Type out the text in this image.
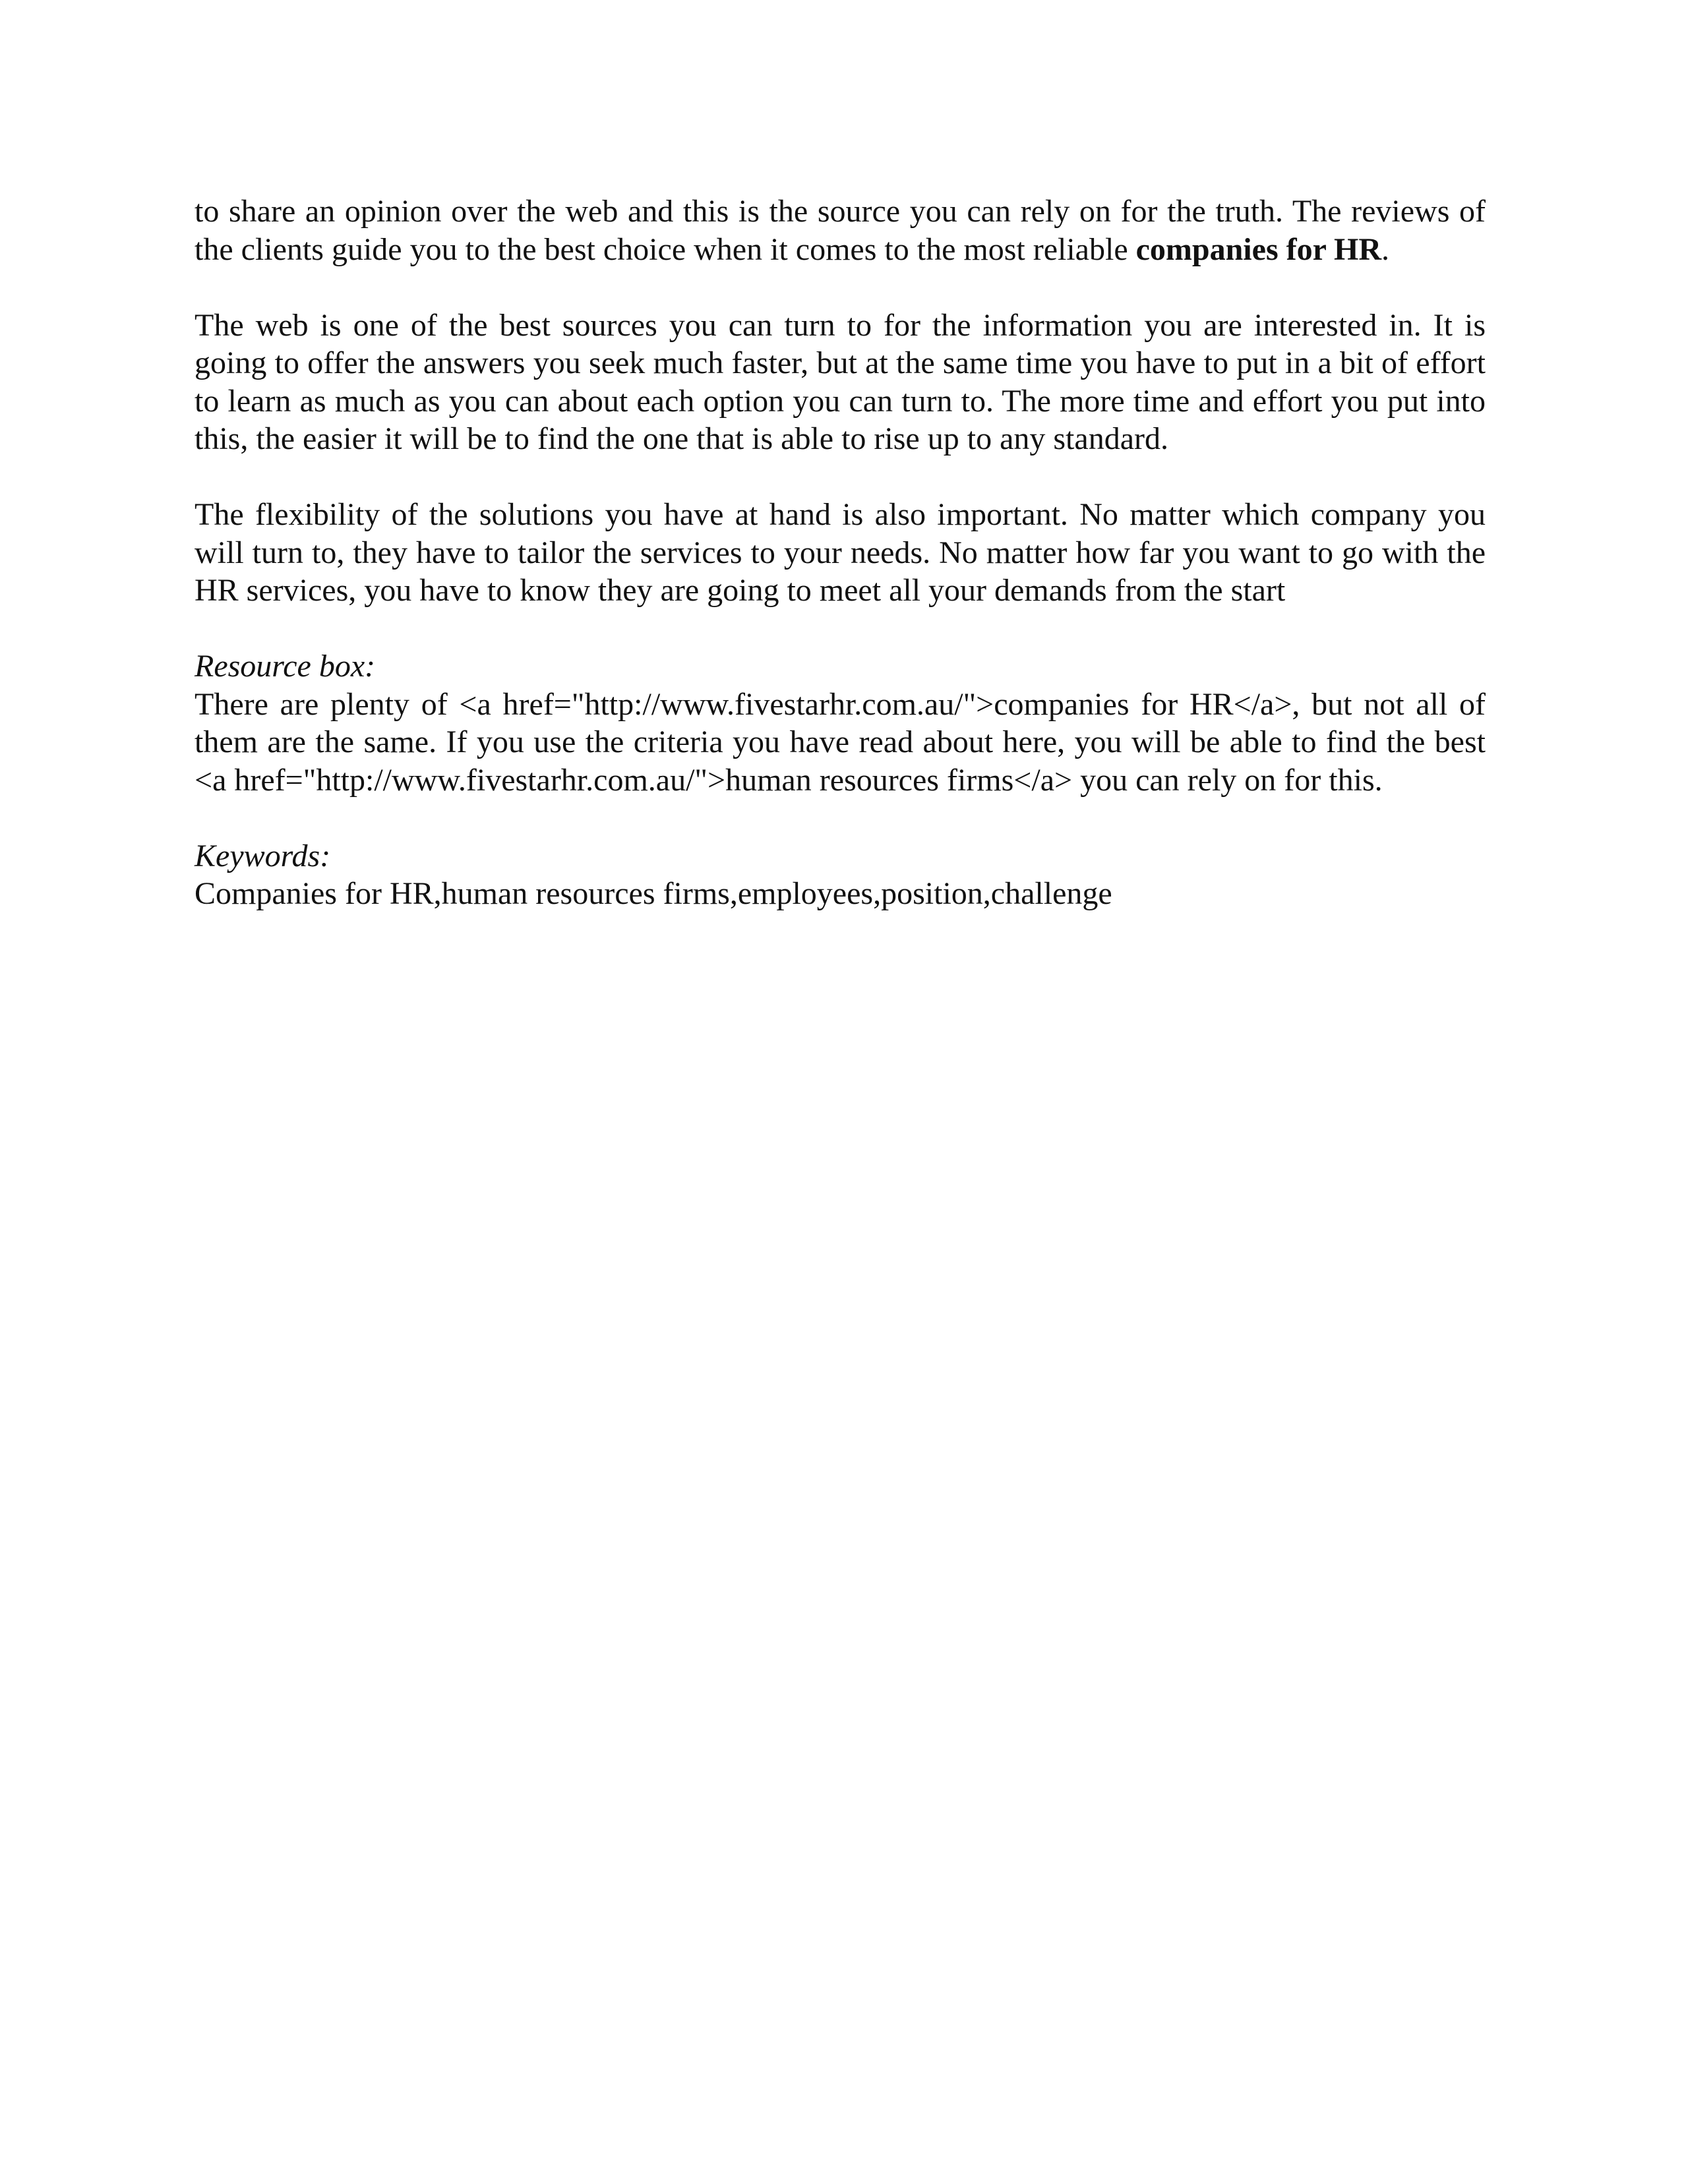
to share an opinion over the web and this is the source you can rely on for the truth. The reviews of the clients guide you to the best choice when it comes to the most reliable companies for HR.

The web is one of the best sources you can turn to for the information you are interested in. It is going to offer the answers you seek much faster, but at the same time you have to put in a bit of effort to learn as much as you can about each option you can turn to. The more time and effort you put into this, the easier it will be to find the one that is able to rise up to any standard.

The flexibility of the solutions you have at hand is also important. No matter which company you will turn to, they have to tailor the services to your needs. No matter how far you want to go with the HR services, you have to know they are going to meet all your demands from the start

Resource box:
There are plenty of <a href="http://www.fivestarhr.com.au/">companies for HR</a>, but not all of them are the same. If you use the criteria you have read about here, you will be able to find the best <a href="http://www.fivestarhr.com.au/">human resources firms</a> you can rely on for this.
Keywords:
Companies for HR,human resources firms,employees,position,challenge
